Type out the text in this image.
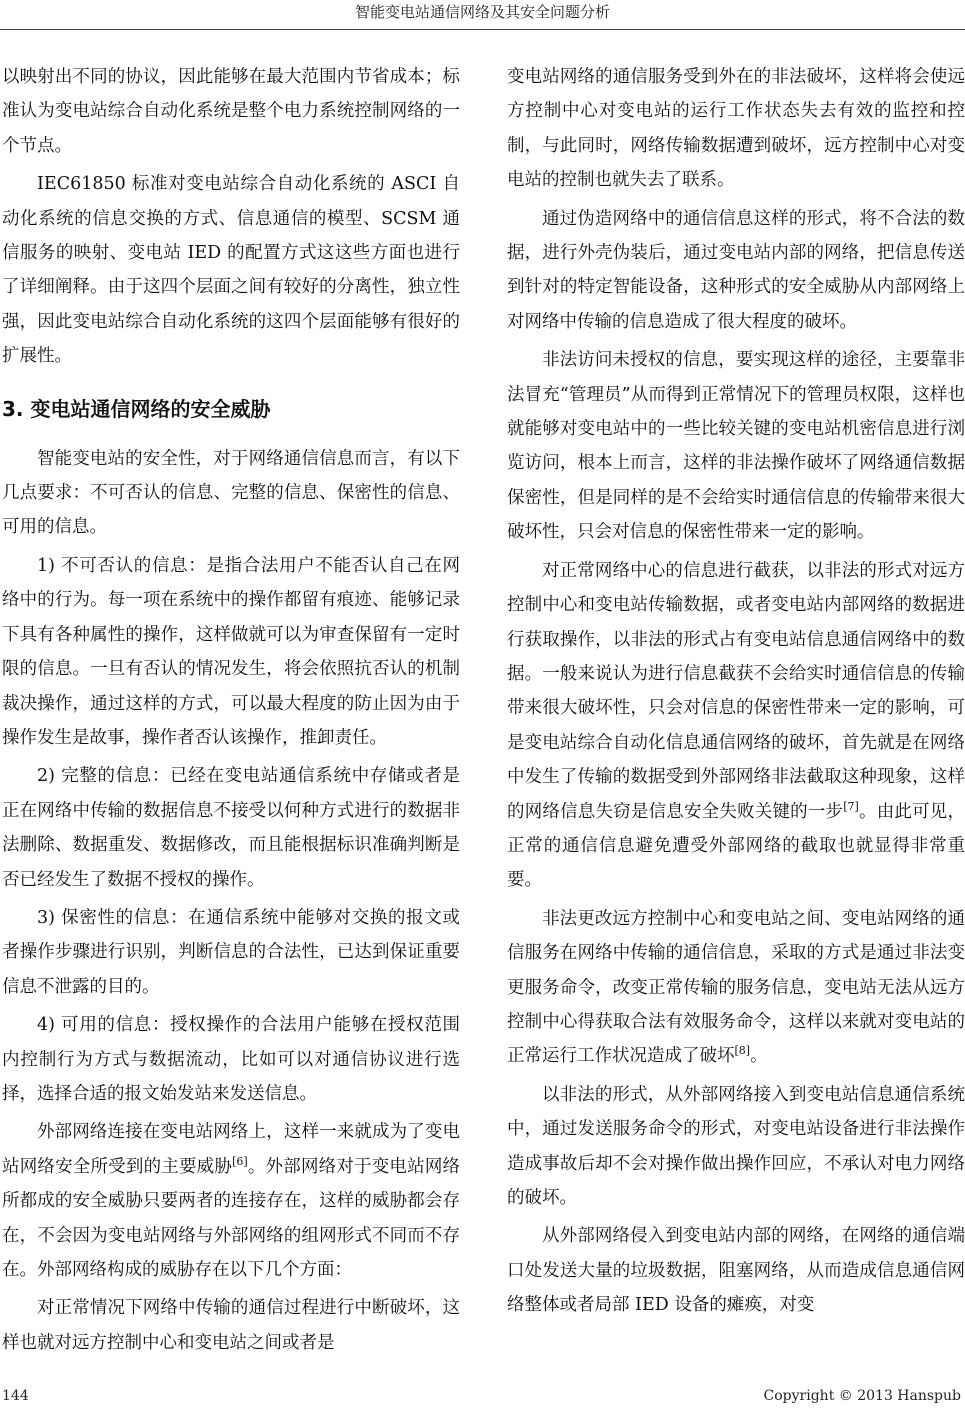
智能变电站通信网络及其安全问题分析

以映射出不同的协议，因此能够在最大范围内节省成本；标准认为变电站综合自动化系统是整个电力系统控制网络的一个节点。

IEC61850 标准对变电站综合自动化系统的 ASCI 自动化系统的信息交换的方式、信息通信的模型、SCSM 通信服务的映射、变电站 IED 的配置方式这这些方面也进行了详细阐释。由于这四个层面之间有较好的分离性，独立性强，因此变电站综合自动化系统的这四个层面能够有很好的扩展性。

3. 变电站通信网络的安全威胁

智能变电站的安全性，对于网络通信信息而言，有以下几点要求：不可否认的信息、完整的信息、保密性的信息、可用的信息。

1) 不可否认的信息：是指合法用户不能否认自己在网络中的行为。每一项在系统中的操作都留有痕迹、能够记录下具有各种属性的操作，这样做就可以为审查保留有一定时限的信息。一旦有否认的情况发生，将会依照抗否认的机制裁决操作，通过这样的方式，可以最大程度的防止因为由于操作发生是故事，操作者否认该操作，推卸责任。

2) 完整的信息：已经在变电站通信系统中存储或者是正在网络中传输的数据信息不接受以何种方式进行的数据非法删除、数据重发、数据修改，而且能根据标识准确判断是否已经发生了数据不授权的操作。

3) 保密性的信息：在通信系统中能够对交换的报文或者操作步骤进行识别，判断信息的合法性，已达到保证重要信息不泄露的目的。

4) 可用的信息：授权操作的合法用户能够在授权范围内控制行为方式与数据流动，比如可以对通信协议进行选择，选择合适的报文始发站来发送信息。

外部网络连接在变电站网络上，这样一来就成为了变电站网络安全所受到的主要威胁[6]。外部网络对于变电站网络所都成的安全威胁只要两者的连接存在，这样的威胁都会存在，不会因为变电站网络与外部网络的组网形式不同而不存在。外部网络构成的威胁存在以下几个方面：

对正常情况下网络中传输的通信过程进行中断破坏，这样也就对远方控制中心和变电站之间或者是

变电站网络的通信服务受到外在的非法破坏，这样将会使远方控制中心对变电站的运行工作状态失去有效的监控和控制，与此同时，网络传输数据遭到破坏，远方控制中心对变电站的控制也就失去了联系。

通过伪造网络中的通信信息这样的形式，将不合法的数据，进行外壳伪装后，通过变电站内部的网络，把信息传送到针对的特定智能设备，这种形式的安全威胁从内部网络上对网络中传输的信息造成了很大程度的破坏。

非法访问未授权的信息，要实现这样的途径，主要靠非法冒充“管理员”从而得到正常情况下的管理员权限，这样也就能够对变电站中的一些比较关键的变电站机密信息进行浏览访问，根本上而言，这样的非法操作破坏了网络通信数据保密性，但是同样的是不会给实时通信信息的传输带来很大破坏性，只会对信息的保密性带来一定的影响。

对正常网络中心的信息进行截获，以非法的形式对远方控制中心和变电站传输数据，或者变电站内部网络的数据进行获取操作，以非法的形式占有变电站信息通信网络中的数据。一般来说认为进行信息截获不会给实时通信信息的传输带来很大破坏性，只会对信息的保密性带来一定的影响，可是变电站综合自动化信息通信网络的破坏，首先就是在网络中发生了传输的数据受到外部网络非法截取这种现象，这样的网络信息失窃是信息安全失败关键的一步[7]。由此可见，正常的通信信息避免遭受外部网络的截取也就显得非常重要。

非法更改远方控制中心和变电站之间、变电站网络的通信服务在网络中传输的通信信息，采取的方式是通过非法变更服务命令，改变正常传输的服务信息，变电站无法从远方控制中心得获取合法有效服务命令，这样以来就对变电站的正常运行工作状况造成了破坏[8]。

以非法的形式，从外部网络接入到变电站信息通信系统中，通过发送服务命令的形式，对变电站设备进行非法操作造成事故后却不会对操作做出操作回应，不承认对电力网络的破坏。

从外部网络侵入到变电站内部的网络，在网络的通信端口处发送大量的垃圾数据，阻塞网络，从而造成信息通信网络整体或者局部 IED 设备的瘫痪，对变

144	Copyright © 2013 Hanspub
